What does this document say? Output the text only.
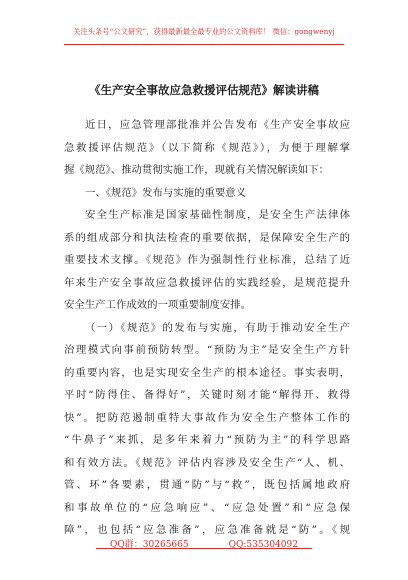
关注头条号“公文研究”，获得最新最全最专业的公文资料库！ 微信：gongwenyj
《生产安全事故应急救援评估规范》解读讲稿
近日，应急管理部批准并公告发布《生产安全事故应
急救援评估规范》（以下简称《规范》），为便于理解掌
握《规范》、推动贯彻实施工作，现就有关情况解读如下：
一、《规范》发布与实施的重要意义
安全生产标准是国家基础性制度，是安全生产法律体
系的组成部分和执法检查的重要依据，是保障安全生产的
重要技术支撑。《规范》作为强制性行业标准，总结了近
年来生产安全事故应急救援评估的实践经验，是规范提升
安全生产工作成效的一项重要制度安排。
（一）《规范》的发布与实施，有助于推动安全生产
治理模式向事前预防转型。“预防为主”是安全生产方针
的重要内容，也是实现安全生产的根本途径。事实表明，
平时“防得住、备得好”，关键时刻才能“解得开、救得
快”。把防范遏制重特大事故作为安全生产整体工作的
“牛鼻子”来抓，是多年来着力“预防为主”的科学思路
和有效方法。《规范》评估内容涉及安全生产“人、机、
管、环”各要素，贯通“防”与“救”，既包括属地政府
和事故单位的“应急响应”、“应急处置”和“应急保
障”，也包括“应急准备”，应急准备就是“防”。《规
QQ群：30265665	QQ:535304092
